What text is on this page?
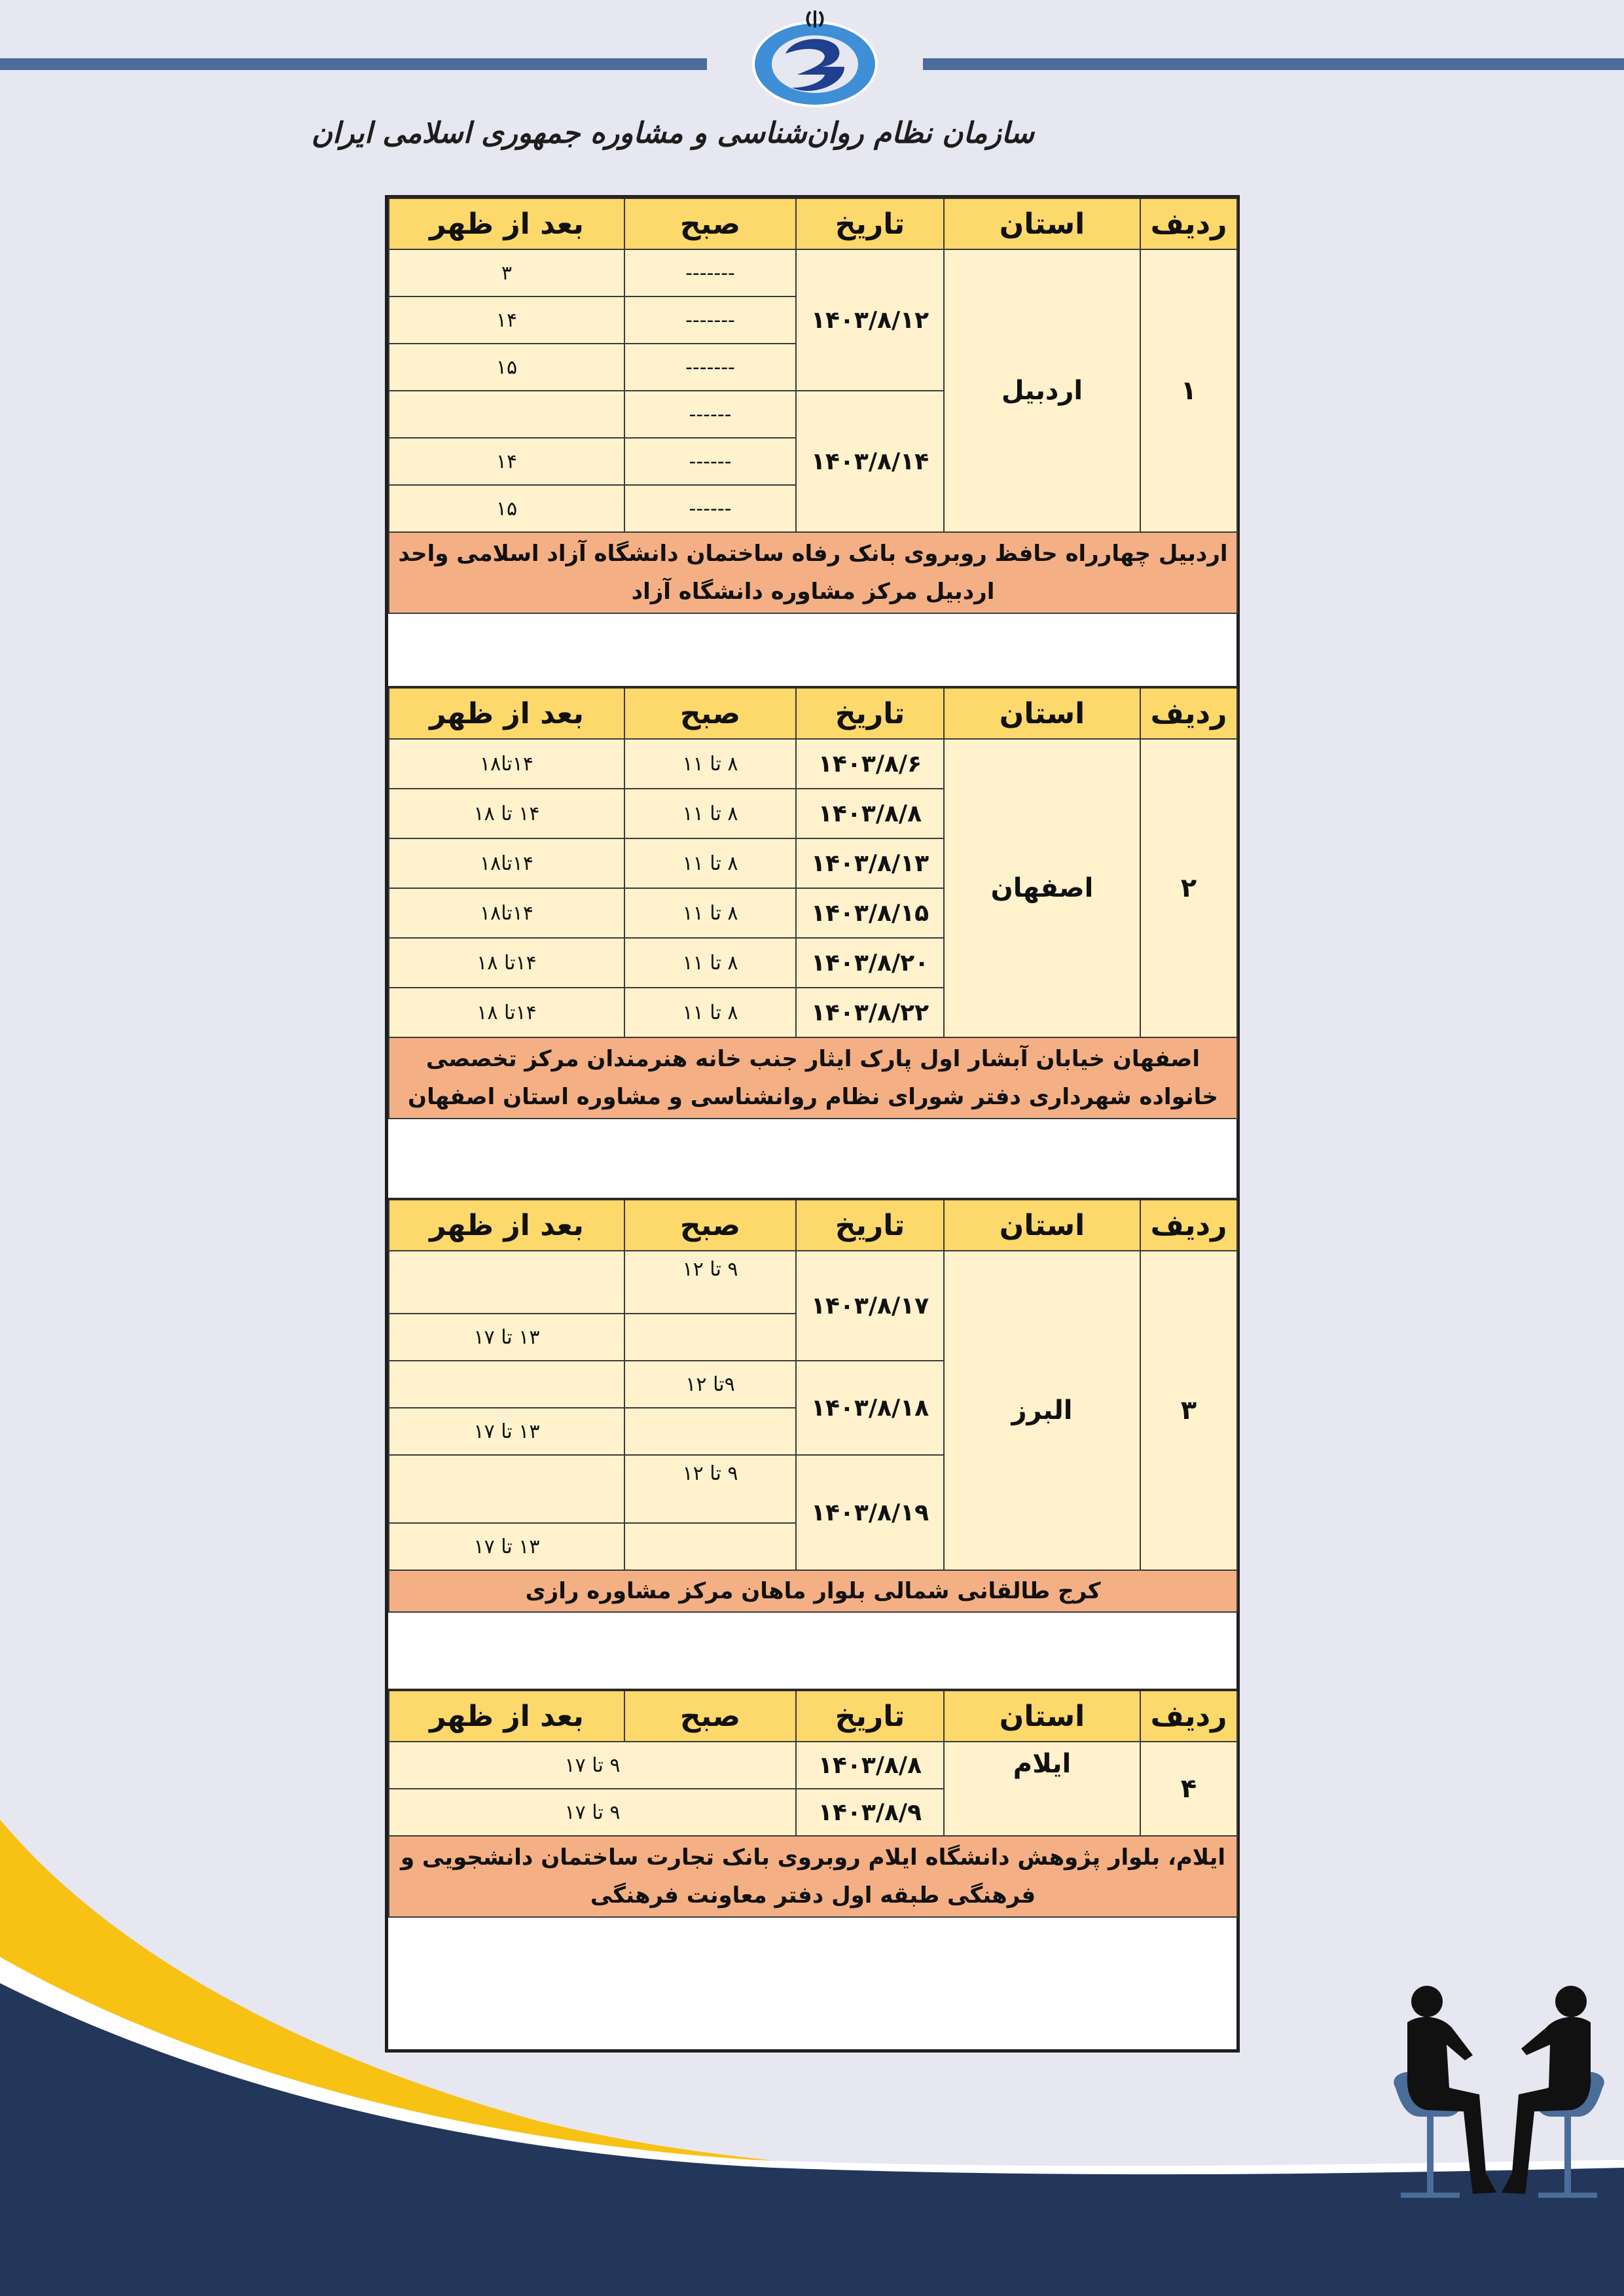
سازمان نظام روان‌شناسی و مشاوره جمهوری اسلامی ایران
ردیف	استان	تاریخ	صبح	بعد از ظهر
۱	اردبیل	۱۴۰۳/۸/۱۲	-------	۳
			-------	۱۴
			-------	۱۵
		۱۴۰۳/۸/۱۴	------	
			------	۱۴
			------	۱۵
اردبیل چهارراه حافظ روبروی بانک رفاه ساختمان دانشگاه آزاد اسلامی واحد اردبیل مرکز مشاوره دانشگاه آزاد				
ردیف	استان	تاریخ	صبح	بعد از ظهر
۲	اصفهان	۱۴۰۳/۸/۶	۸ تا ۱۱	۱۴تا۱۸
		۱۴۰۳/۸/۸	۸ تا ۱۱	۱۴ تا ۱۸
		۱۴۰۳/۸/۱۳	۸ تا ۱۱	۱۴تا۱۸
		۱۴۰۳/۸/۱۵	۸ تا ۱۱	۱۴تا۱۸
		۱۴۰۳/۸/۲۰	۸ تا ۱۱	۱۴تا ۱۸
		۱۴۰۳/۸/۲۲	۸ تا ۱۱	۱۴تا ۱۸
اصفهان خیابان آبشار اول پارک ایثار جنب خانه هنرمندان مرکز تخصصی خانواده شهرداری دفتر شورای نظام روانشناسی و مشاوره استان اصفهان				
ردیف	استان	تاریخ	صبح	بعد از ظهر
۳	البرز	۱۴۰۳/۸/۱۷	۹ تا ۱۲	
				۱۳ تا ۱۷
		۱۴۰۳/۸/۱۸	۹تا ۱۲	
				۱۳ تا ۱۷
		۱۴۰۳/۸/۱۹	۹ تا ۱۲	
				۱۳ تا ۱۷
کرج طالقانی شمالی بلوار ماهان مرکز مشاوره رازی				
ردیف	استان	تاریخ	صبح	بعد از ظهر
۴	ایلام	۱۴۰۳/۸/۸	۹ تا ۱۷	
		۱۴۰۳/۸/۹	۹ تا ۱۷	
ایلام، بلوار پژوهش دانشگاه ایلام روبروی بانک تجارت ساختمان دانشجویی و فرهنگی طبقه اول دفتر معاونت فرهنگی				
